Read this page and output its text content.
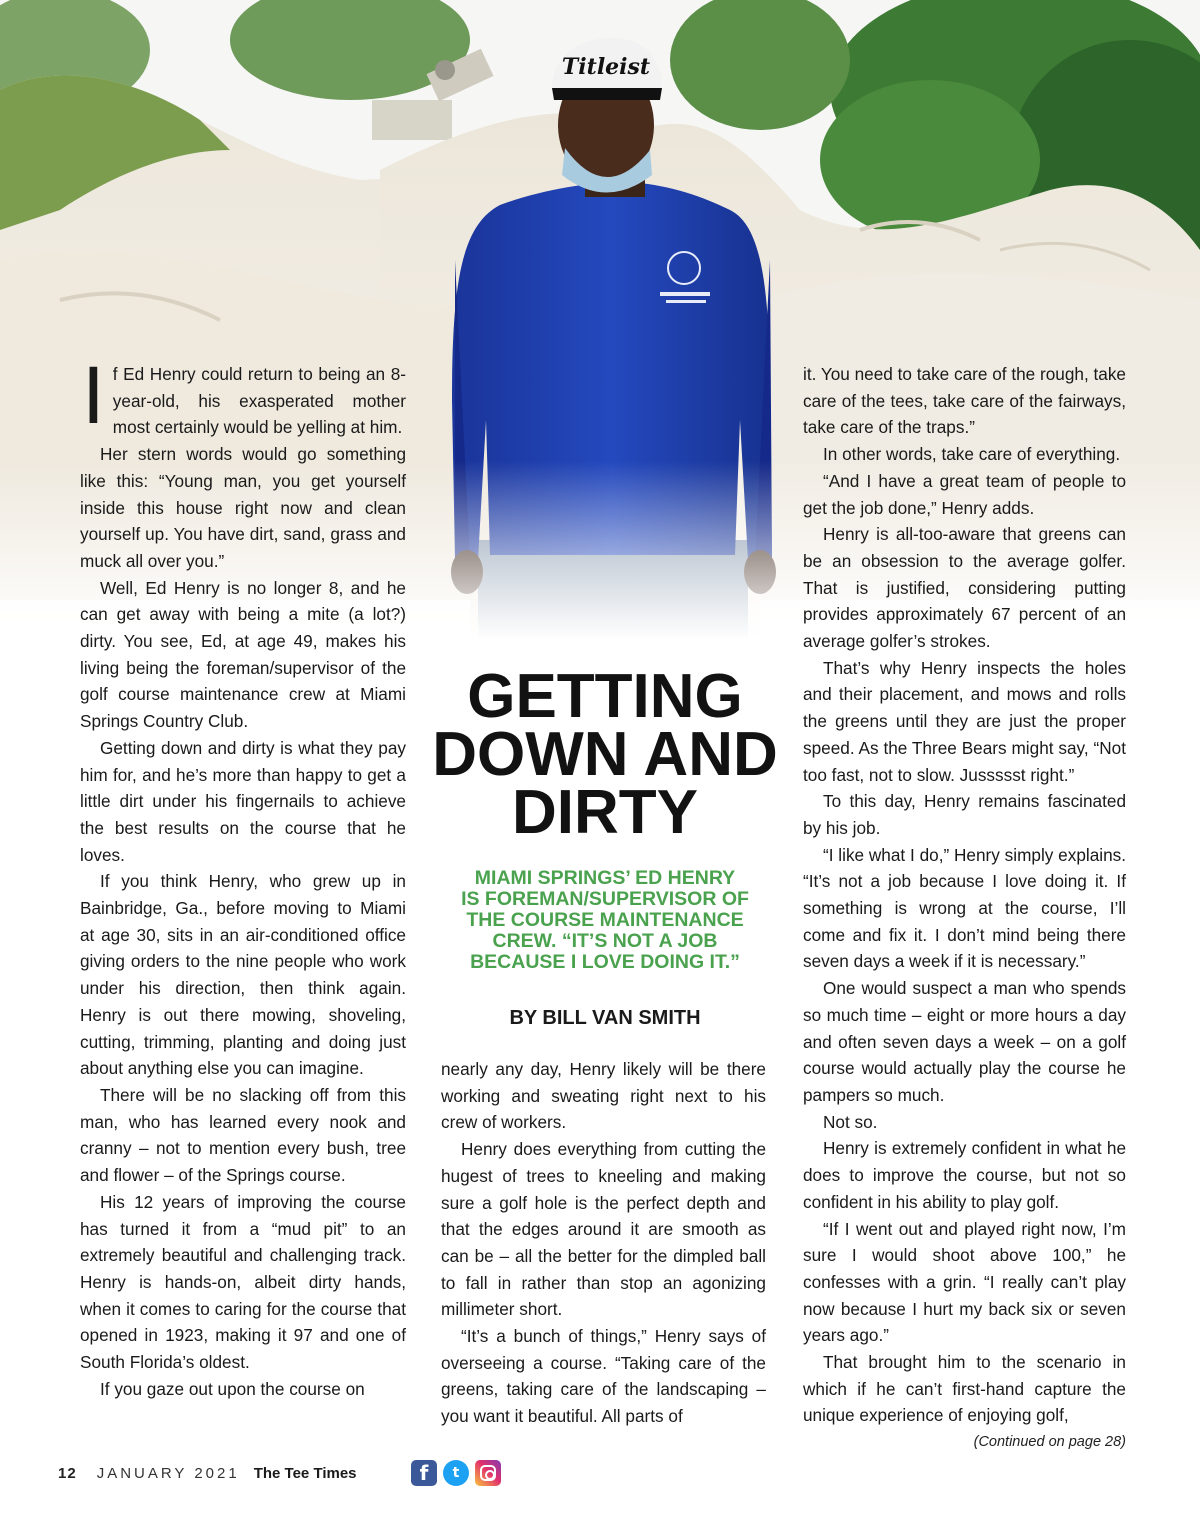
I f Ed Henry could return to being an 8-year-old, his exasperated mother most certainly would be yelling at him.

Her stern words would go something like this: “Young man, you get yourself inside this house right now and clean yourself up. You have dirt, sand, grass and muck all over you.”

Well, Ed Henry is no longer 8, and he can get away with being a mite (a lot?) dirty. You see, Ed, at age 49, makes his living being the foreman/supervisor of the golf course maintenance crew at Miami Springs Country Club.

Getting down and dirty is what they pay him for, and he’s more than happy to get a little dirt under his fingernails to achieve the best results on the course that he loves.

If you think Henry, who grew up in Bainbridge, Ga., before moving to Miami at age 30, sits in an air-conditioned office giving orders to the nine people who work under his direction, then think again. Henry is out there mowing, shoveling, cutting, trimming, planting and doing just about anything else you can imagine.

There will be no slacking off from this man, who has learned every nook and cranny – not to mention every bush, tree and flower – of the Springs course.

His 12 years of improving the course has turned it from a “mud pit” to an extremely beautiful and challenging track. Henry is hands-on, albeit dirty hands, when it comes to caring for the course that opened in 1923, making it 97 and one of South Florida’s oldest.

If you gaze out upon the course on

GETTING
DOWN AND
DIRTY
MIAMI SPRINGS’ ED HENRY
IS FOREMAN/SUPERVISOR OF
THE COURSE MAINTENANCE
CREW. “IT’S NOT A JOB
BECAUSE I LOVE DOING IT.”
BY BILL VAN SMITH

nearly any day, Henry likely will be there working and sweating right next to his crew of workers.

Henry does everything from cutting the hugest of trees to kneeling and making sure a golf hole is the perfect depth and that the edges around it are smooth as can be – all the better for the dimpled ball to fall in rather than stop an agonizing millimeter short.

“It’s a bunch of things,” Henry says of overseeing a course. “Taking care of the greens, taking care of the landscaping – you want it beautiful. All parts of

it. You need to take care of the rough, take care of the tees, take care of the fairways, take care of the traps.”

In other words, take care of everything.

“And I have a great team of people to get the job done,” Henry adds.

Henry is all-too-aware that greens can be an obsession to the average golfer. That is justified, considering putting provides approximately 67 percent of an average golfer’s strokes.

That’s why Henry inspects the holes and their placement, and mows and rolls the greens until they are just the proper speed. As the Three Bears might say, “Not too fast, not to slow. Jussssst right.”

To this day, Henry remains fascinated by his job.

“I like what I do,” Henry simply explains. “It’s not a job because I love doing it. If something is wrong at the course, I’ll come and fix it. I don’t mind being there seven days a week if it is necessary.”

One would suspect a man who spends so much time – eight or more hours a day and often seven days a week – on a golf course would actually play the course he pampers so much.

Not so.

Henry is extremely confident in what he does to improve the course, but not so confident in his ability to play golf.

“If I went out and played right now, I’m sure I would shoot above 100,” he confesses with a grin. “I really can’t play now because I hurt my back six or seven years ago.”

That brought him to the scenario in which if he can’t first-hand capture the unique experience of enjoying golf,

(Continued on page 28)
12 JANUARY 2021 The Tee Times	f	t
